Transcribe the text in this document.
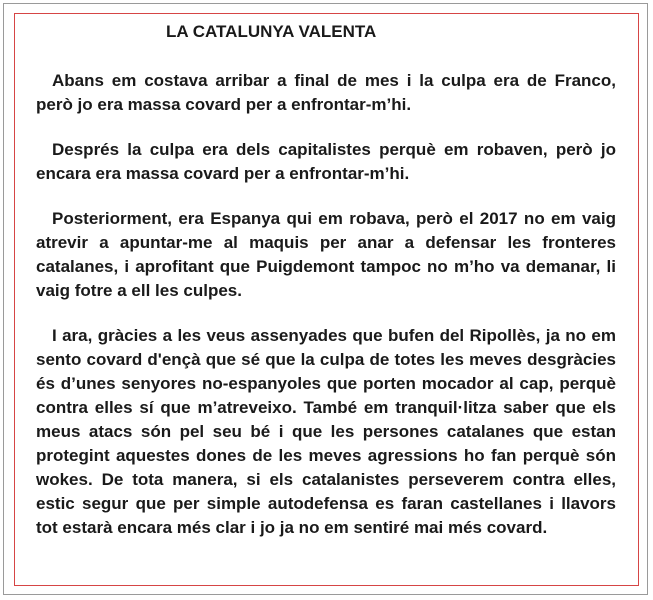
LA CATALUNYA VALENTA

Abans em costava arribar a final de mes i la culpa era de Franco, però jo era massa covard per a enfrontar-m’hi.

Després la culpa era dels capitalistes perquè em robaven, però jo encara era massa covard per a enfrontar-m’hi.

Posteriorment, era Espanya qui em robava, però el 2017 no em vaig atrevir a apuntar-me al maquis per anar a defensar les fronteres catalanes, i aprofitant que Puigdemont tampoc no m’ho va demanar, li vaig fotre a ell les culpes.

I ara, gràcies a les veus assenyades que bufen del Ripollès, ja no em sento covard d'ençà que sé que la culpa de totes les meves desgràcies és d’unes senyores no-espanyoles que porten mocador al cap, perquè contra elles sí que m’atreveixo. També em tranquil·litza saber que els meus atacs són pel seu bé i que les persones catalanes que estan protegint aquestes dones de les meves agressions ho fan perquè són wokes. De tota manera, si els catalanistes perseverem contra elles, estic segur que per simple autodefensa es faran castellanes i llavors tot estarà encara més clar i jo ja no em sentiré mai més covard.
